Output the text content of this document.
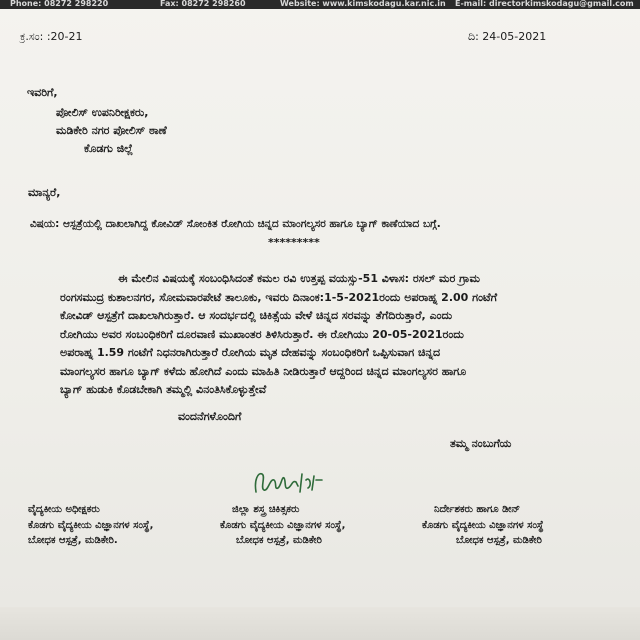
Phone: 08272 298220	Fax: 08272 298260	Website: www.kimskodagu.kar.nic.in E-mail: directorkimskodagu@gmail.com
ಕ್ರ.ಸಂ: :20-21	ದಿ: 24-05-2021
ಇವರಿಗೆ,
ಪೋಲಿಸ್ ಉಪನಿರೀಕ್ಷಕರು,
ಮಡಿಕೇರಿ ನಗರ ಪೋಲಿಸ್ ಠಾಣೆ
ಕೊಡಗು ಜಿಲ್ಲೆ
ಮಾನ್ಯರೆ,
ವಿಷಯ: ಆಸ್ಪತ್ರೆಯಲ್ಲಿ ದಾಖಲಾಗಿದ್ದ ಕೋವಿಡ್ ಸೋಂಕಿತ ರೋಗಿಯ ಚಿನ್ನದ ಮಾಂಗಲ್ಯಸರ ಹಾಗೂ ಬ್ಯಾಗ್ ಕಾಣೆಯಾದ ಬಗ್ಗೆ.
*********
ಈ ಮೇಲಿನ ವಿಷಯಕ್ಕೆ ಸಂಬಂಧಿಸಿದಂತೆ ಕಮಲ ರವಿ ಉತ್ತಪ್ಪ ವಯಸ್ಸು-51 ವಿಳಾಸ: ರಸಲ್ ಮರ ಗ್ರಾಮ
ರಂಗಸಮುದ್ರ ಕುಶಾಲನಗರ, ಸೋಮವಾರಪೇಟೆ ತಾಲೂಕು, ಇವರು ದಿನಾಂಕ:1-5-2021ರಂದು ಅಪರಾಹ್ನ 2.00 ಗಂಟೆಗೆ
ಕೋವಿಡ್ ಆಸ್ಪತ್ರೆಗೆ ದಾಖಲಾಗಿರುತ್ತಾರೆ. ಆ ಸಂದರ್ಭದಲ್ಲಿ ಚಿಕಿತ್ಸೆಯ ವೇಳೆ ಚಿನ್ನದ ಸರವನ್ನು ತೆಗೆದಿರುತ್ತಾರೆ, ಎಂದು
ರೋಗಿಯು ಅವರ ಸಂಬಂಧಿಕರಿಗೆ ದೂರವಾಣಿ ಮುಖಾಂತರ ತಿಳಿಸಿರುತ್ತಾರೆ. ಈ ರೋಗಿಯು 20-05-2021ರಂದು
ಅಪರಾಹ್ನ 1.59 ಗಂಟೆಗೆ ನಿಧನರಾಗಿರುತ್ತಾರೆ ರೋಗಿಯ ಮೃತ ದೇಹವನ್ನು ಸಂಬಂಧಿಕರಿಗೆ ಒಪ್ಪಿಸುವಾಗ ಚಿನ್ನದ
ಮಾಂಗಲ್ಯಸರ ಹಾಗೂ ಬ್ಯಾಗ್ ಕಳೆದು ಹೋಗಿದೆ ಎಂದು ಮಾಹಿತಿ ನೀಡಿರುತ್ತಾರೆ ಆದ್ದರಿಂದ ಚಿನ್ನದ ಮಾಂಗಲ್ಯಸರ ಹಾಗೂ
ಬ್ಯಾಗ್ ಹುಡುಕಿ ಕೊಡಬೇಕಾಗಿ ತಮ್ಮಲ್ಲಿ ವಿನಂತಿಸಿಕೊಳ್ಳುತ್ತೇವೆ
ವಂದನೆಗಳೊಂದಿಗೆ
ತಮ್ಮ ನಂಬುಗೆಯ
ವೈದ್ಯಕೀಯ ಅಧೀಕ್ಷಕರು
ಕೊಡಗು ವೈದ್ಯಕೀಯ ವಿಜ್ಞಾನಗಳ ಸಂಸ್ಥೆ,
ಬೋಧಕ ಆಸ್ಪತ್ರೆ, ಮಡಿಕೇರಿ.
ಜಿಲ್ಲಾ ಶಸ್ತ್ರ ಚಿಕಿತ್ಸಕರು
ಕೊಡಗು ವೈದ್ಯಕೀಯ ವಿಜ್ಞಾನಗಳ ಸಂಸ್ಥೆ,
ಬೋಧಕ ಆಸ್ಪತ್ರೆ, ಮಡಿಕೇರಿ
ನಿರ್ದೇಶಕರು ಹಾಗೂ ಡೀನ್
ಕೊಡಗು ವೈದ್ಯಕೀಯ ವಿಜ್ಞಾನಗಳ ಸಂಸ್ಥೆ
ಬೋಧಕ ಆಸ್ಪತ್ರೆ, ಮಡಿಕೇರಿ
